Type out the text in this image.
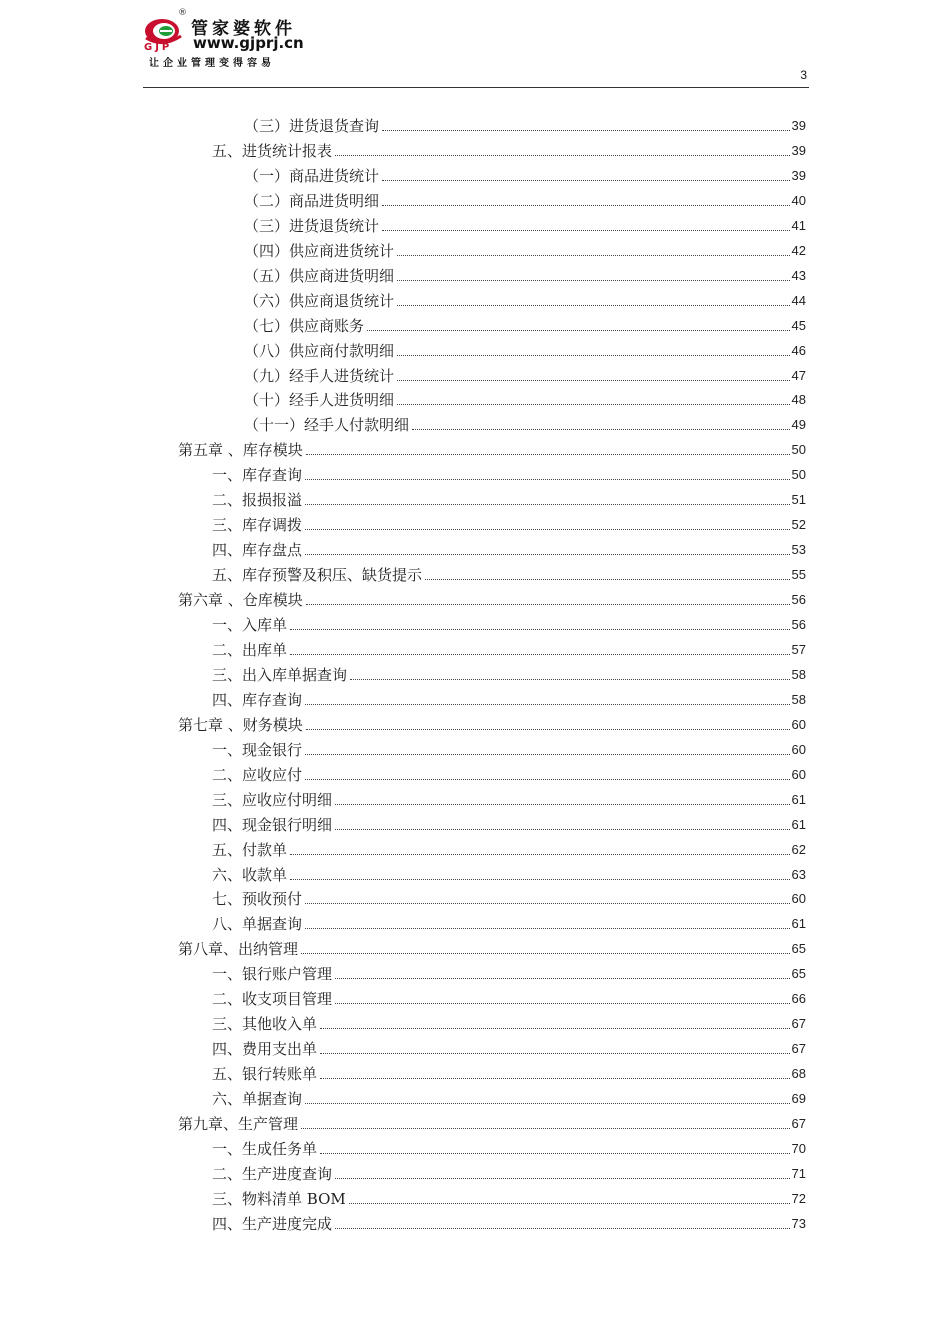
®
管家婆软件
GJP www.gjprj.cn
让企业管理变得容易
3
（三）进货退货查询	39
五、进货统计报表	39
（一）商品进货统计	39
（二）商品进货明细	40
（三）进货退货统计	41
（四）供应商进货统计	42
（五）供应商进货明细	43
（六）供应商退货统计	44
（七）供应商账务	45
（八）供应商付款明细	46
（九）经手人进货统计	47
（十）经手人进货明细	48
（十一）经手人付款明细	49
第五章 、库存模块	50
一、库存查询	50
二、报损报溢	51
三、库存调拨	52
四、库存盘点	53
五、库存预警及积压、缺货提示	55
第六章 、仓库模块	56
一、入库单	56
二、出库单	57
三、出入库单据查询	58
四、库存查询	58
第七章 、财务模块	60
一、现金银行	60
二、应收应付	60
三、应收应付明细	61
四、现金银行明细	61
五、付款单	62
六、收款单	63
七、预收预付	60
八、单据查询	61
第八章、出纳管理	65
一、银行账户管理	65
二、收支项目管理	66
三、其他收入单	67
四、费用支出单	67
五、银行转账单	68
六、单据查询	69
第九章、生产管理	67
一、生成任务单	70
二、生产进度查询	71
三、物料清单 BOM	72
四、生产进度完成	73
